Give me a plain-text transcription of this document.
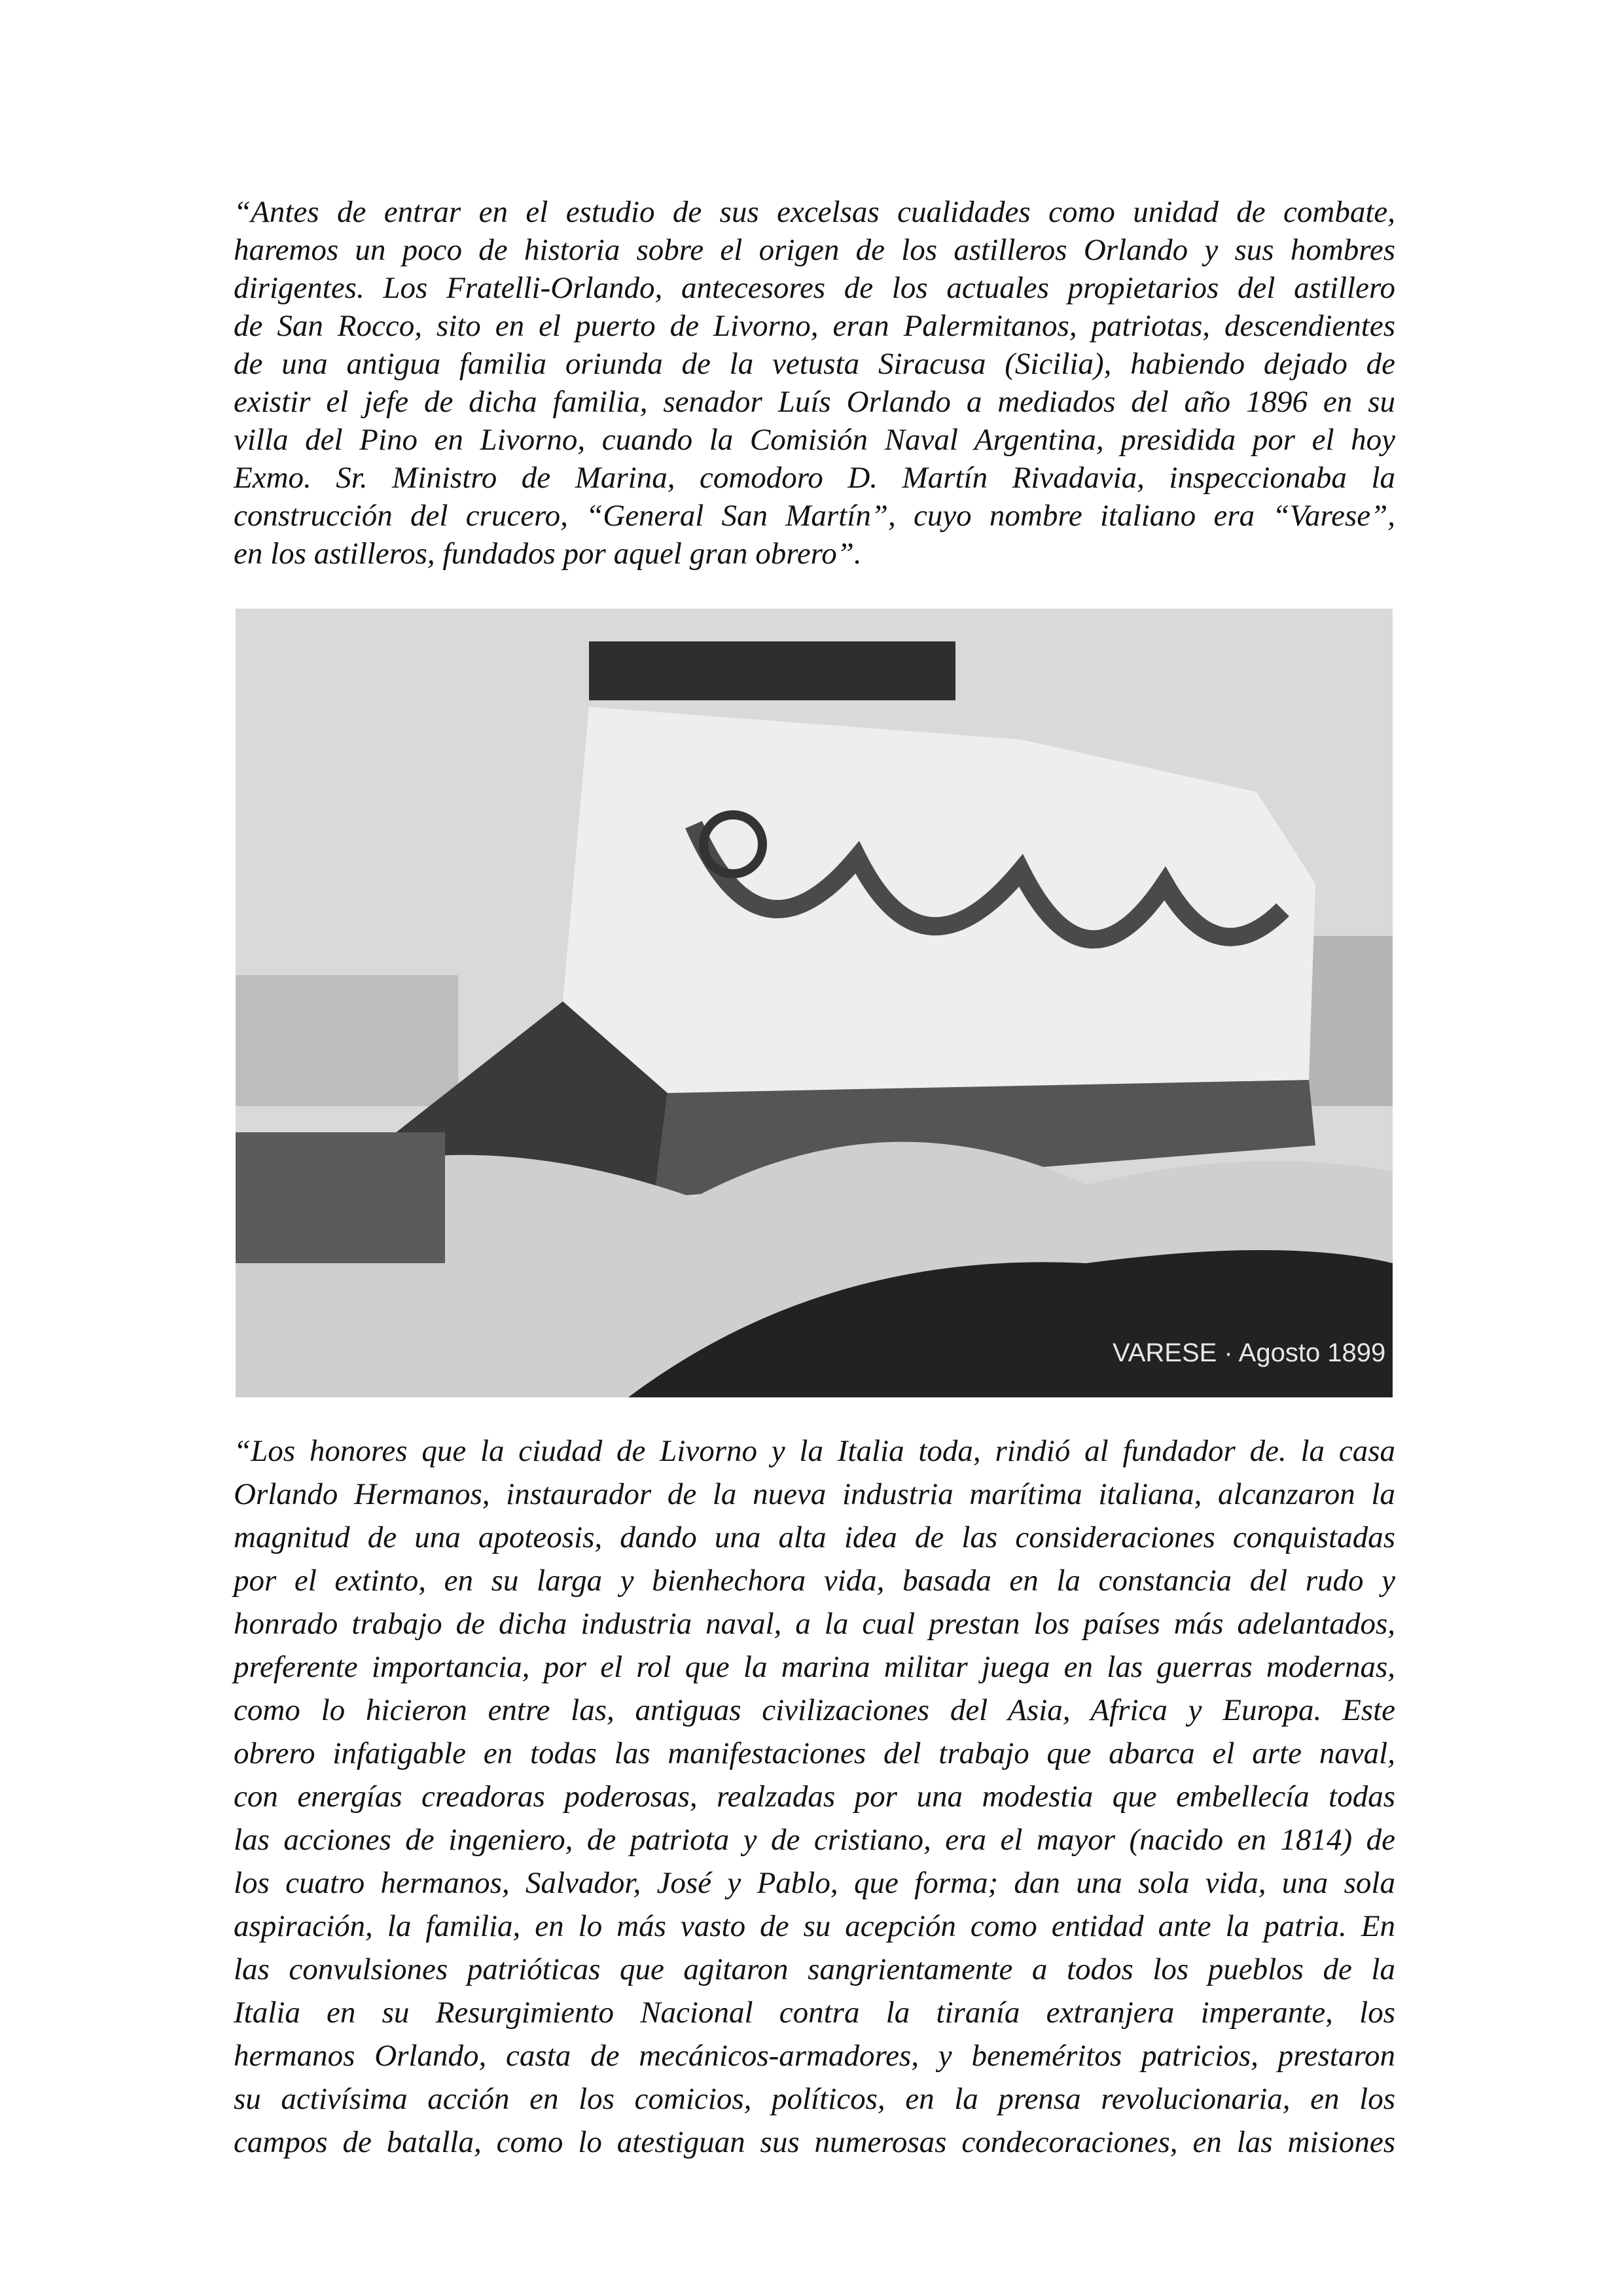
“Antes de entrar en el estudio de sus excelsas cualidades como unidad de combate,
haremos un poco de historia sobre el origen de los astilleros Orlando y sus hombres
dirigentes. Los Fratelli-Orlando, antecesores de los actuales propietarios del astillero
de San Rocco, sito en el puerto de Livorno, eran Palermitanos, patriotas, descendientes
de una antigua familia oriunda de la vetusta Siracusa (Sicilia), habiendo dejado de
existir el jefe de dicha familia, senador Luís Orlando a mediados del año 1896 en su
villa del Pino en Livorno, cuando la Comisión Naval Argentina, presidida por el hoy
Exmo. Sr. Ministro de Marina, comodoro D. Martín Rivadavia, inspeccionaba la
construcción del crucero, “General San Martín”, cuyo nombre italiano era “Varese”,
en los astilleros, fundados por aquel gran obrero”.
VARESE · Agosto 1899
“Los honores que la ciudad de Livorno y la Italia toda, rindió al fundador de. la casa
Orlando Hermanos, instaurador de la nueva industria marítima italiana, alcanzaron la
magnitud de una apoteosis, dando una alta idea de las consideraciones conquistadas
por el extinto, en su larga y bienhechora vida, basada en la constancia del rudo y
honrado trabajo de dicha industria naval, a la cual prestan los países más adelantados,
preferente importancia, por el rol que la marina militar juega en las guerras modernas,
como lo hicieron entre las, antiguas civilizaciones del Asia, Africa y Europa. Este
obrero infatigable en todas las manifestaciones del trabajo que abarca el arte naval,
con energías creadoras poderosas, realzadas por una modestia que embellecía todas
las acciones de ingeniero, de patriota y de cristiano, era el mayor (nacido en 1814) de
los cuatro hermanos, Salvador, José y Pablo, que forma; dan una sola vida, una sola
aspiración, la familia, en lo más vasto de su acepción como entidad ante la patria. En
las convulsiones patrióticas que agitaron sangrientamente a todos los pueblos de la
Italia en su Resurgimiento Nacional contra la tiranía extranjera imperante, los
hermanos Orlando, casta de mecánicos-armadores, y beneméritos patricios, prestaron
su activísima acción en los comicios, políticos, en la prensa revolucionaria, en los
campos de batalla, como lo atestiguan sus numerosas condecoraciones, en las misiones
